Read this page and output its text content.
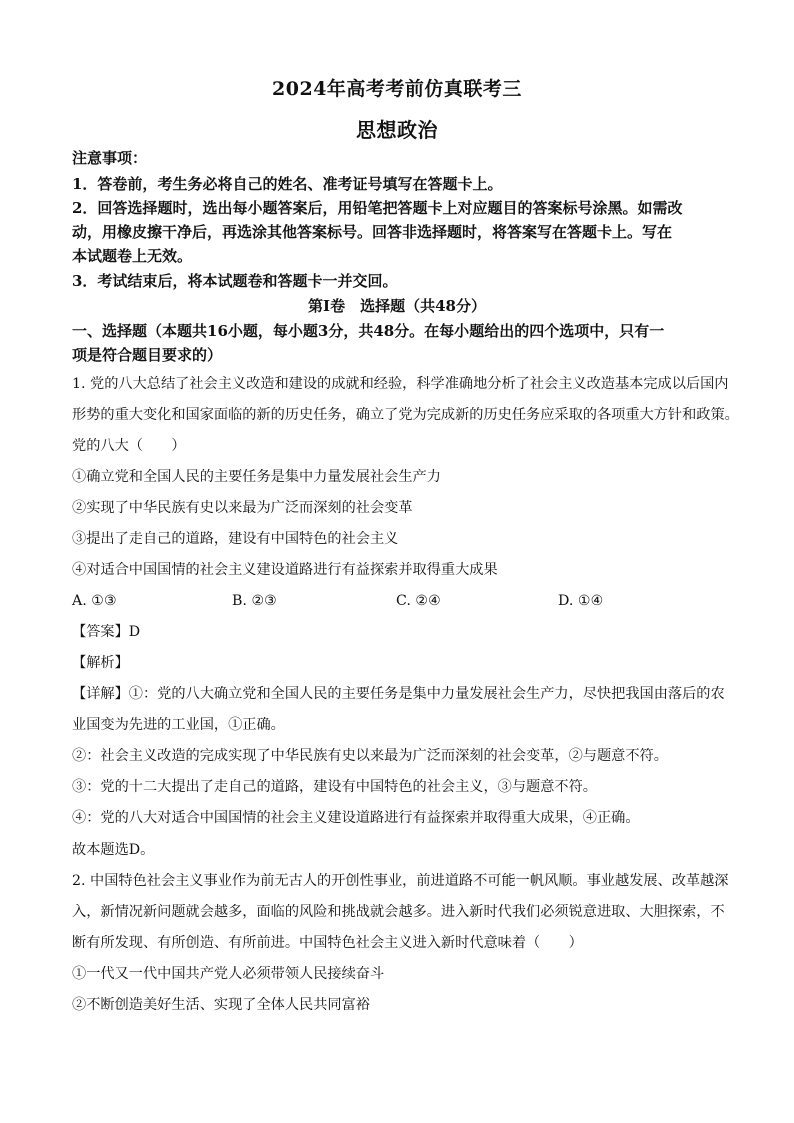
2024年高考考前仿真联考三
思想政治
注意事项：
1．答卷前，考生务必将自己的姓名、准考证号填写在答题卡上。
2．回答选择题时，选出每小题答案后，用铅笔把答题卡上对应题目的答案标号涂黑。如需改
动，用橡皮擦干净后，再选涂其他答案标号。回答非选择题时，将答案写在答题卡上。写在
本试题卷上无效。
3．考试结束后，将本试题卷和答题卡一并交回。
第Ⅰ卷　选择题（共48分）
一、选择题（本题共16小题，每小题3分，共48分。在每小题给出的四个选项中，只有一
项是符合题目要求的）
1. 党的八大总结了社会主义改造和建设的成就和经验，科学准确地分析了社会主义改造基本完成以后国内
形势的重大变化和国家面临的新的历史任务，确立了党为完成新的历史任务应采取的各项重大方针和政策。
党的八大（　　）
①确立党和全国人民的主要任务是集中力量发展社会生产力
②实现了中华民族有史以来最为广泛而深刻的社会变革
③提出了走自己的道路，建设有中国特色的社会主义
④对适合中国国情的社会主义建设道路进行有益探索并取得重大成果
A. ①③	B. ②③	C. ②④	D. ①④
【答案】D
【解析】
【详解】①：党的八大确立党和全国人民的主要任务是集中力量发展社会生产力，尽快把我国由落后的农
业国变为先进的工业国，①正确。
②：社会主义改造的完成实现了中华民族有史以来最为广泛而深刻的社会变革，②与题意不符。
③：党的十二大提出了走自己的道路，建设有中国特色的社会主义，③与题意不符。
④：党的八大对适合中国国情的社会主义建设道路进行有益探索并取得重大成果，④正确。
故本题选D。
2. 中国特色社会主义事业作为前无古人的开创性事业，前进道路不可能一帆风顺。事业越发展、改革越深
入，新情况新问题就会越多，面临的风险和挑战就会越多。进入新时代我们必须锐意进取、大胆探索，不
断有所发现、有所创造、有所前进。中国特色社会主义进入新时代意味着（　　）
①一代又一代中国共产党人必须带领人民接续奋斗
②不断创造美好生活、实现了全体人民共同富裕
